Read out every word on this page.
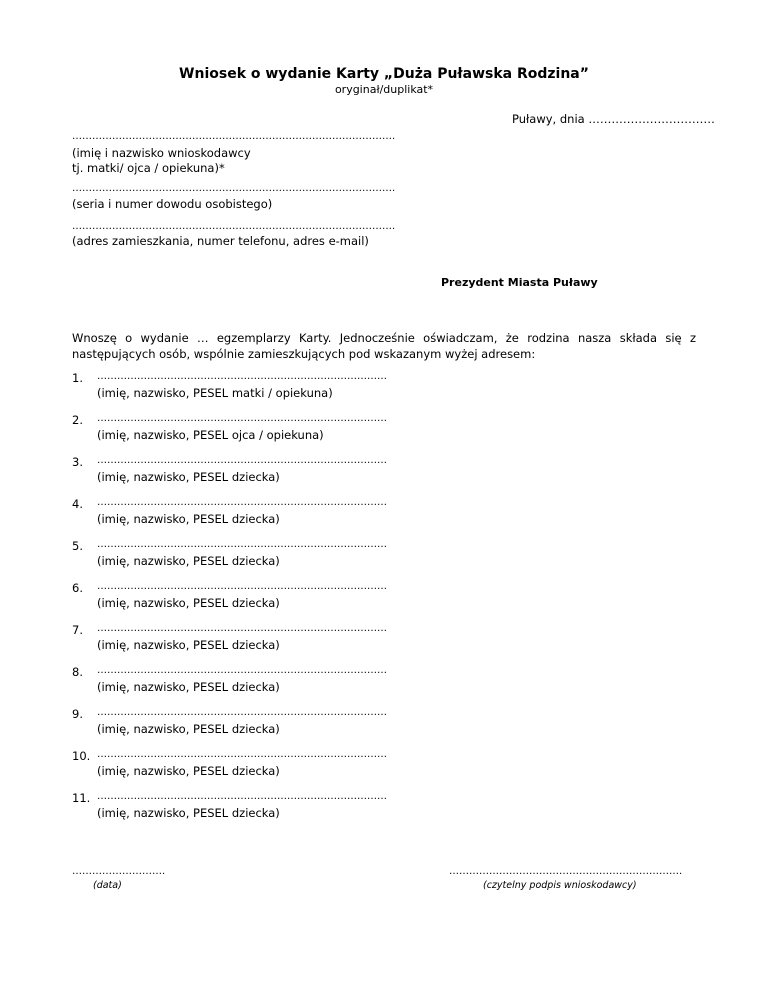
Wniosek o wydanie Karty „Duża Puławska Rodzina”
oryginał/duplikat*
Puławy, dnia ……………………………
…………………………………………………………………………………….
(imię i nazwisko wnioskodawcy
tj. matki/ ojca / opiekuna)*
…………………………………………………………………………………….
(seria i numer dowodu osobistego)
…………………………………………………………………………………….
(adres zamieszkania, numer telefonu, adres e-mail)
Prezydent Miasta Puławy
Wnoszę o wydanie … egzemplarzy Karty. Jednocześnie oświadczam, że rodzina nasza składa się z następujących osób, wspólnie zamieszkujących pod wskazanym wyżej adresem:
1. ……………………………………………………………………………
(imię, nazwisko, PESEL matki / opiekuna)
2. ……………………………………………………………………………
(imię, nazwisko, PESEL ojca / opiekuna)
3. ……………………………………………………………………………
(imię, nazwisko, PESEL dziecka)
4. ……………………………………………………………………………
(imię, nazwisko, PESEL dziecka)
5. ……………………………………………………………………………
(imię, nazwisko, PESEL dziecka)
6. ……………………………………………………………………………
(imię, nazwisko, PESEL dziecka)
7. ……………………………………………………………………………
(imię, nazwisko, PESEL dziecka)
8. ……………………………………………………………………………
(imię, nazwisko, PESEL dziecka)
9. ……………………………………………………………………………
(imię, nazwisko, PESEL dziecka)
10. ……………………………………………………………………………
(imię, nazwisko, PESEL dziecka)
11. ……………………………………………………………………………
(imię, nazwisko, PESEL dziecka)
……………………….
(data)
…………………………………………………………….
(czytelny podpis wnioskodawcy)
